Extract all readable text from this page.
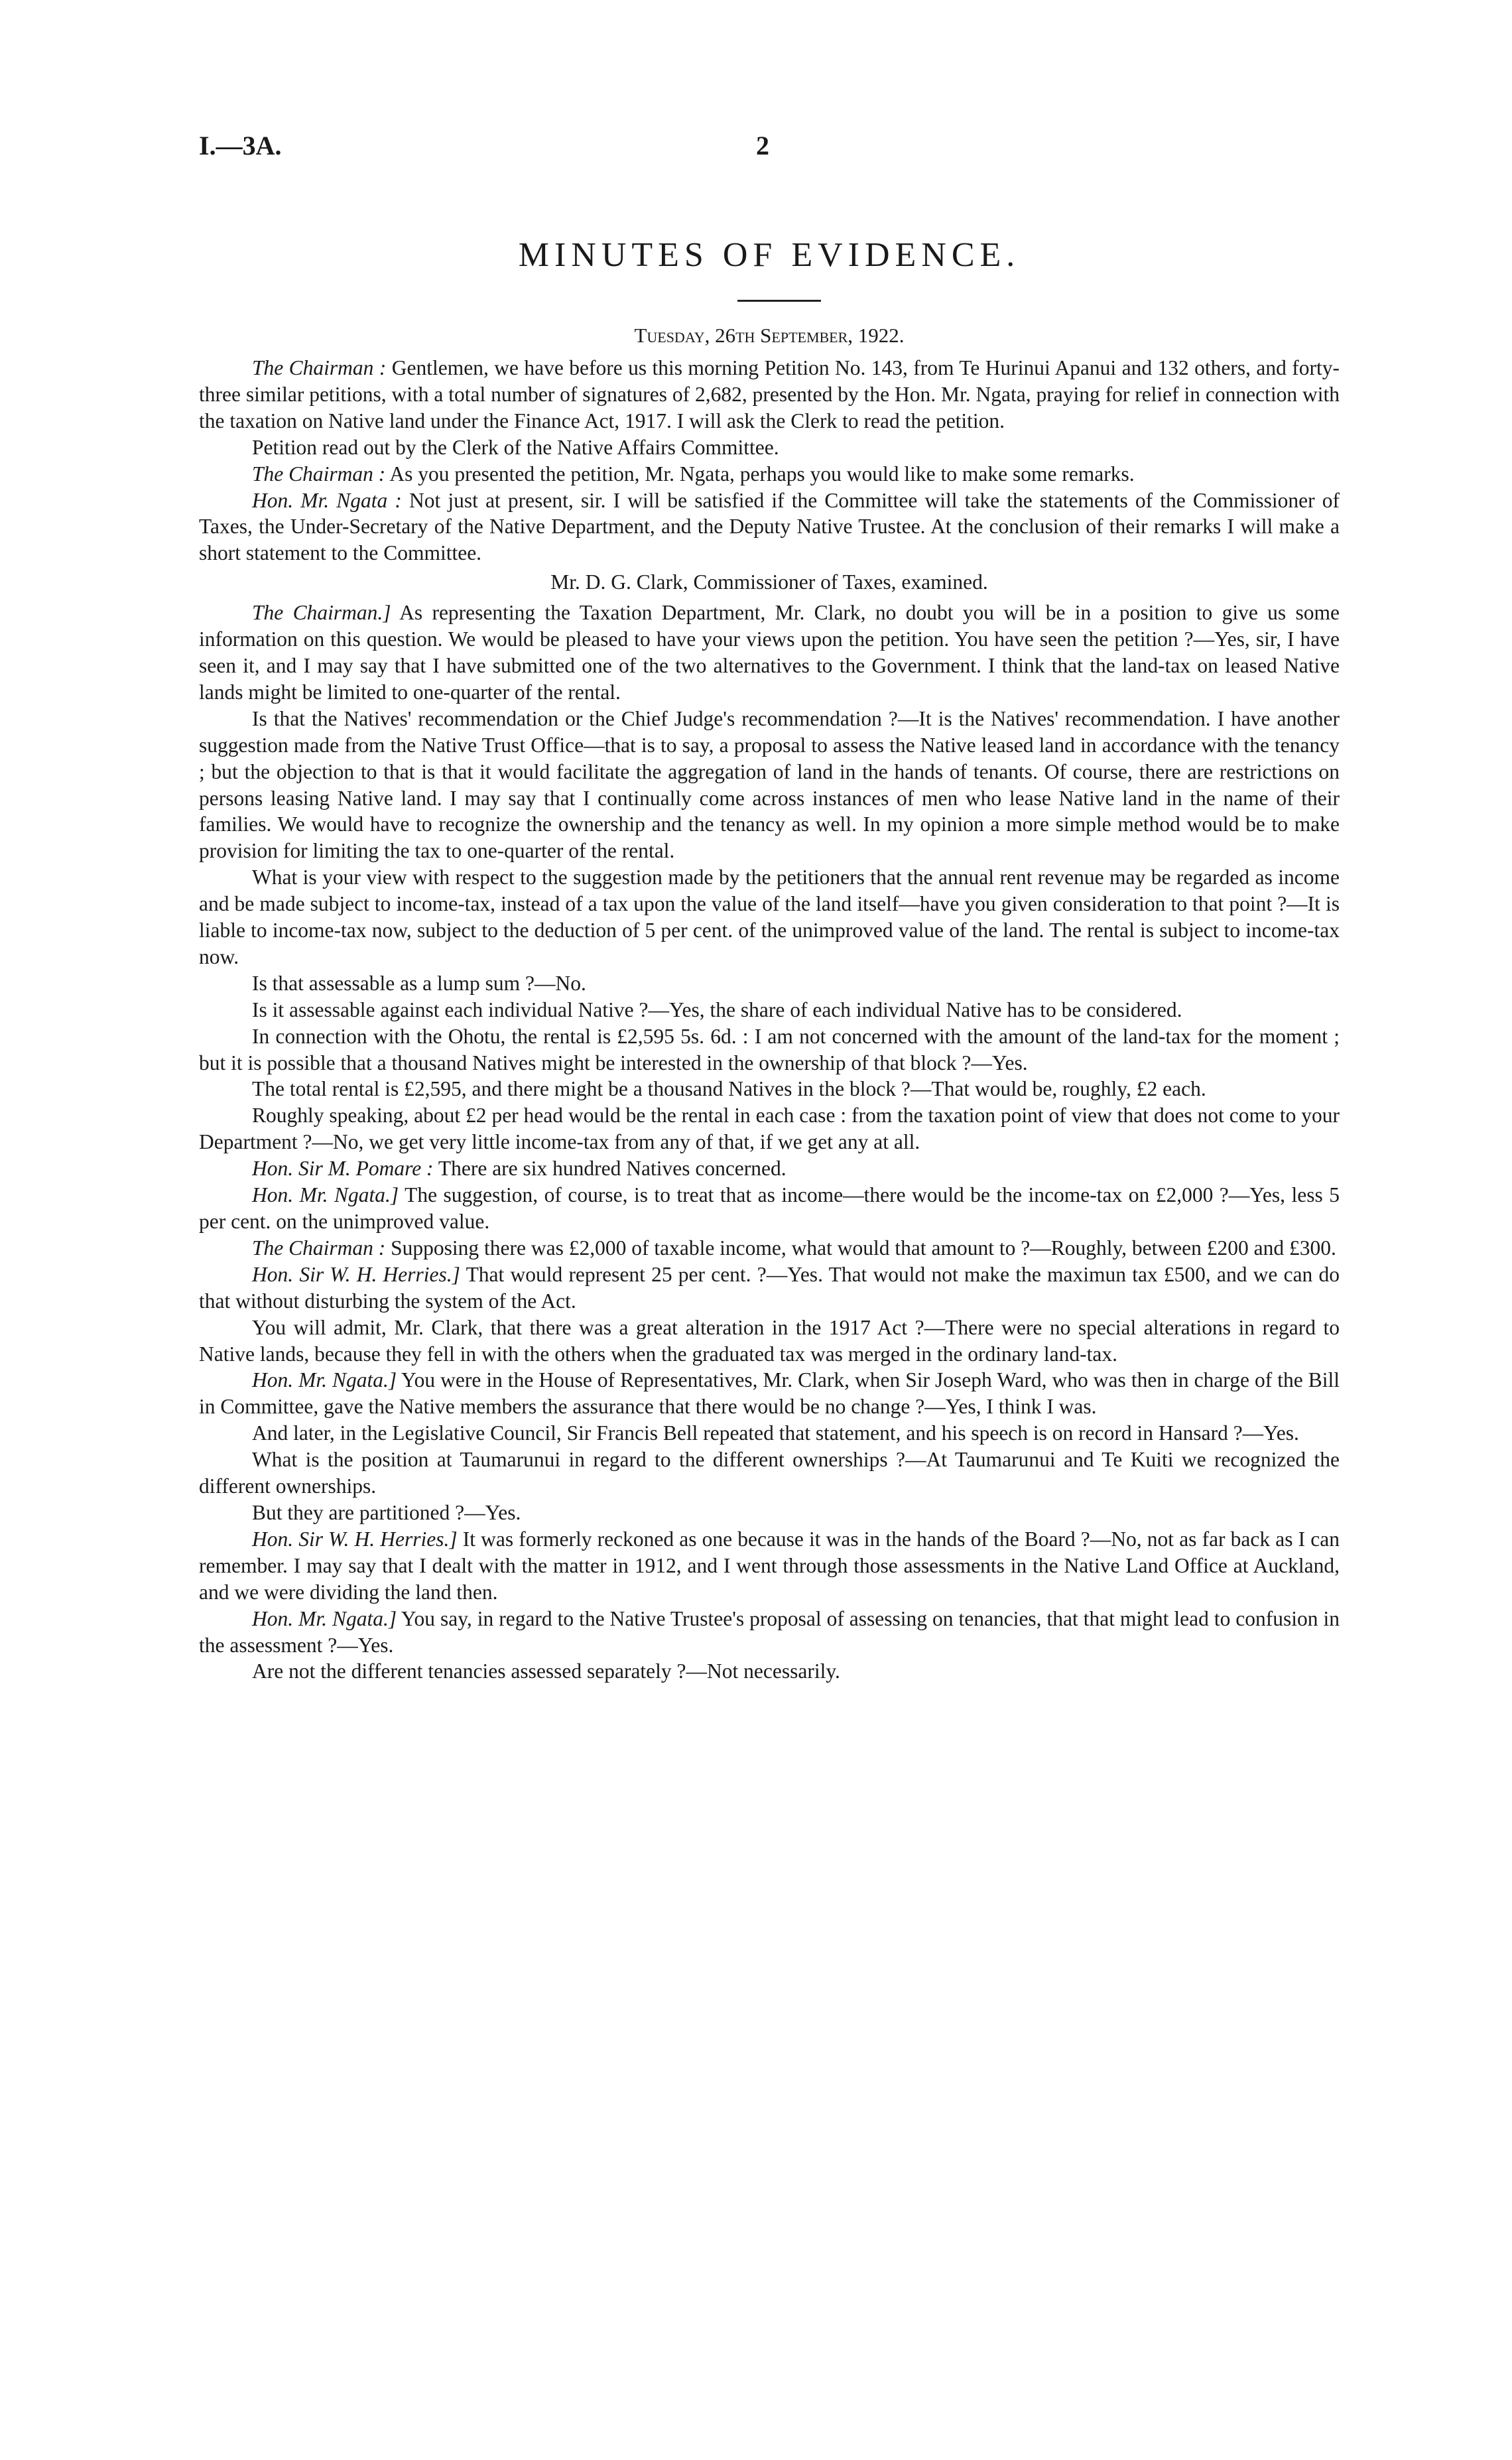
I.—3A.	2
MINUTES OF EVIDENCE.
Tuesday, 26th September, 1922.

The Chairman : Gentlemen, we have before us this morning Petition No. 143, from Te Hurinui Apanui and 132 others, and forty-three similar petitions, with a total number of signatures of 2,682, presented by the Hon. Mr. Ngata, praying for relief in connection with the taxation on Native land under the Finance Act, 1917. I will ask the Clerk to read the petition.

Petition read out by the Clerk of the Native Affairs Committee.

The Chairman : As you presented the petition, Mr. Ngata, perhaps you would like to make some remarks.

Hon. Mr. Ngata : Not just at present, sir. I will be satisfied if the Committee will take the statements of the Commissioner of Taxes, the Under-Secretary of the Native Department, and the Deputy Native Trustee. At the conclusion of their remarks I will make a short statement to the Committee.

Mr. D. G. Clark, Commissioner of Taxes, examined.

The Chairman.] As representing the Taxation Department, Mr. Clark, no doubt you will be in a position to give us some information on this question. We would be pleased to have your views upon the petition. You have seen the petition ?—Yes, sir, I have seen it, and I may say that I have submitted one of the two alternatives to the Government. I think that the land-tax on leased Native lands might be limited to one-quarter of the rental.

Is that the Natives' recommendation or the Chief Judge's recommendation ?—It is the Natives' recommendation. I have another suggestion made from the Native Trust Office—that is to say, a proposal to assess the Native leased land in accordance with the tenancy ; but the objection to that is that it would facilitate the aggregation of land in the hands of tenants. Of course, there are restrictions on persons leasing Native land. I may say that I continually come across instances of men who lease Native land in the name of their families. We would have to recognize the ownership and the tenancy as well. In my opinion a more simple method would be to make provision for limiting the tax to one-quarter of the rental.

What is your view with respect to the suggestion made by the petitioners that the annual rent revenue may be regarded as income and be made subject to income-tax, instead of a tax upon the value of the land itself—have you given consideration to that point ?—It is liable to income-tax now, subject to the deduction of 5 per cent. of the unimproved value of the land. The rental is subject to income-tax now.

Is that assessable as a lump sum ?—No.

Is it assessable against each individual Native ?—Yes, the share of each individual Native has to be considered.

In connection with the Ohotu, the rental is £2,595 5s. 6d. : I am not concerned with the amount of the land-tax for the moment ; but it is possible that a thousand Natives might be interested in the ownership of that block ?—Yes.

The total rental is £2,595, and there might be a thousand Natives in the block ?—That would be, roughly, £2 each.

Roughly speaking, about £2 per head would be the rental in each case : from the taxation point of view that does not come to your Department ?—No, we get very little income-tax from any of that, if we get any at all.

Hon. Sir M. Pomare : There are six hundred Natives concerned.

Hon. Mr. Ngata.] The suggestion, of course, is to treat that as income—there would be the income-tax on £2,000 ?—Yes, less 5 per cent. on the unimproved value.

The Chairman : Supposing there was £2,000 of taxable income, what would that amount to ?—Roughly, between £200 and £300.

Hon. Sir W. H. Herries.] That would represent 25 per cent. ?—Yes. That would not make the maximun tax £500, and we can do that without disturbing the system of the Act.

You will admit, Mr. Clark, that there was a great alteration in the 1917 Act ?—There were no special alterations in regard to Native lands, because they fell in with the others when the graduated tax was merged in the ordinary land-tax.

Hon. Mr. Ngata.] You were in the House of Representatives, Mr. Clark, when Sir Joseph Ward, who was then in charge of the Bill in Committee, gave the Native members the assurance that there would be no change ?—Yes, I think I was.

And later, in the Legislative Council, Sir Francis Bell repeated that statement, and his speech is on record in Hansard ?—Yes.

What is the position at Taumarunui in regard to the different ownerships ?—At Taumarunui and Te Kuiti we recognized the different ownerships.

But they are partitioned ?—Yes.

Hon. Sir W. H. Herries.] It was formerly reckoned as one because it was in the hands of the Board ?—No, not as far back as I can remember. I may say that I dealt with the matter in 1912, and I went through those assessments in the Native Land Office at Auckland, and we were dividing the land then.

Hon. Mr. Ngata.] You say, in regard to the Native Trustee's proposal of assessing on tenancies, that that might lead to confusion in the assessment ?—Yes.

Are not the different tenancies assessed separately ?—Not necessarily.
